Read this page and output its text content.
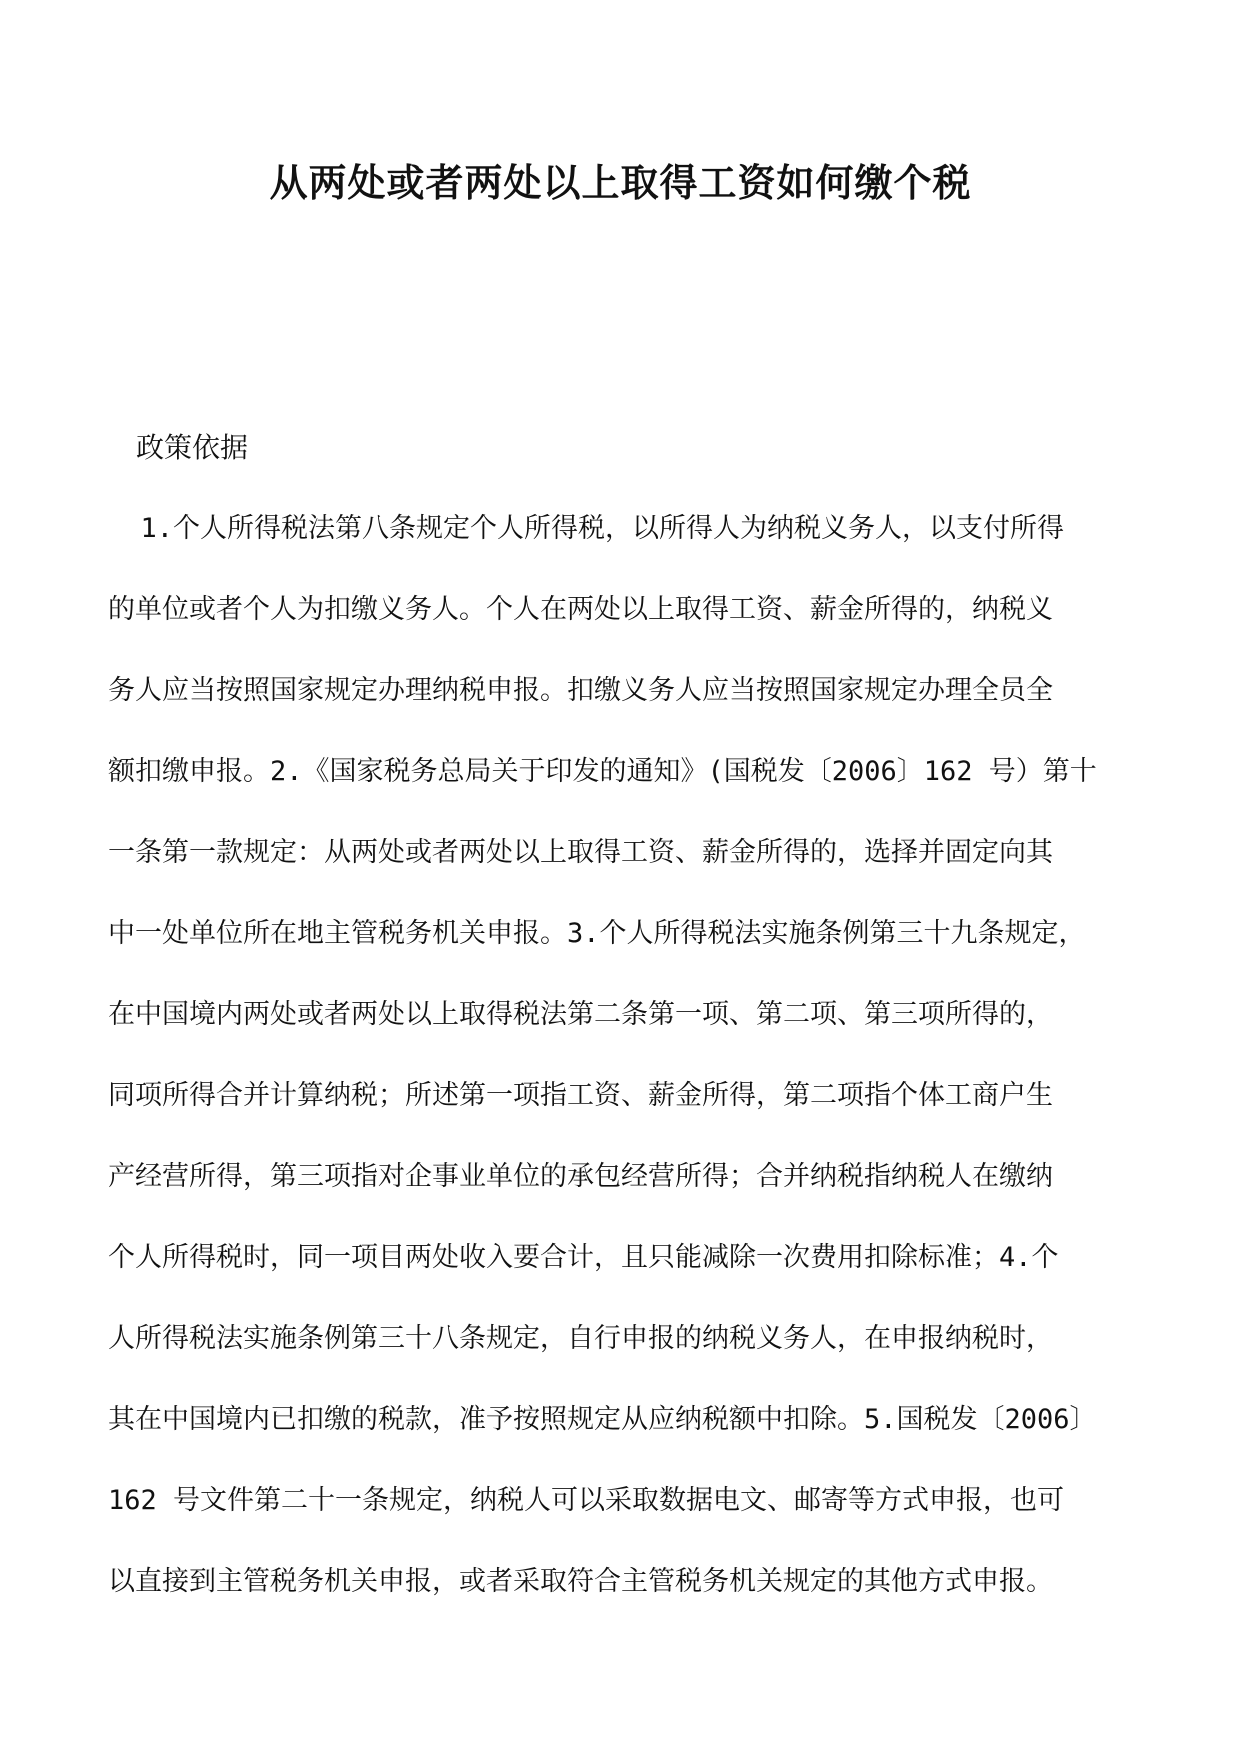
从两处或者两处以上取得工资如何缴个税
政策依据
1.个人所得税法第八条规定个人所得税，以所得人为纳税义务人，以支付所得
的单位或者个人为扣缴义务人。个人在两处以上取得工资、薪金所得的，纳税义
务人应当按照国家规定办理纳税申报。扣缴义务人应当按照国家规定办理全员全
额扣缴申报。2.《国家税务总局关于印发的通知》(国税发〔2006〕162 号）第十
一条第一款规定：从两处或者两处以上取得工资、薪金所得的，选择并固定向其
中一处单位所在地主管税务机关申报。3.个人所得税法实施条例第三十九条规定，
在中国境内两处或者两处以上取得税法第二条第一项、第二项、第三项所得的，
同项所得合并计算纳税；所述第一项指工资、薪金所得，第二项指个体工商户生
产经营所得，第三项指对企事业单位的承包经营所得；合并纳税指纳税人在缴纳
个人所得税时，同一项目两处收入要合计，且只能减除一次费用扣除标准；4.个
人所得税法实施条例第三十八条规定，自行申报的纳税义务人，在申报纳税时，
其在中国境内已扣缴的税款，准予按照规定从应纳税额中扣除。5.国税发〔2006〕
162 号文件第二十一条规定，纳税人可以采取数据电文、邮寄等方式申报，也可
以直接到主管税务机关申报，或者采取符合主管税务机关规定的其他方式申报。
